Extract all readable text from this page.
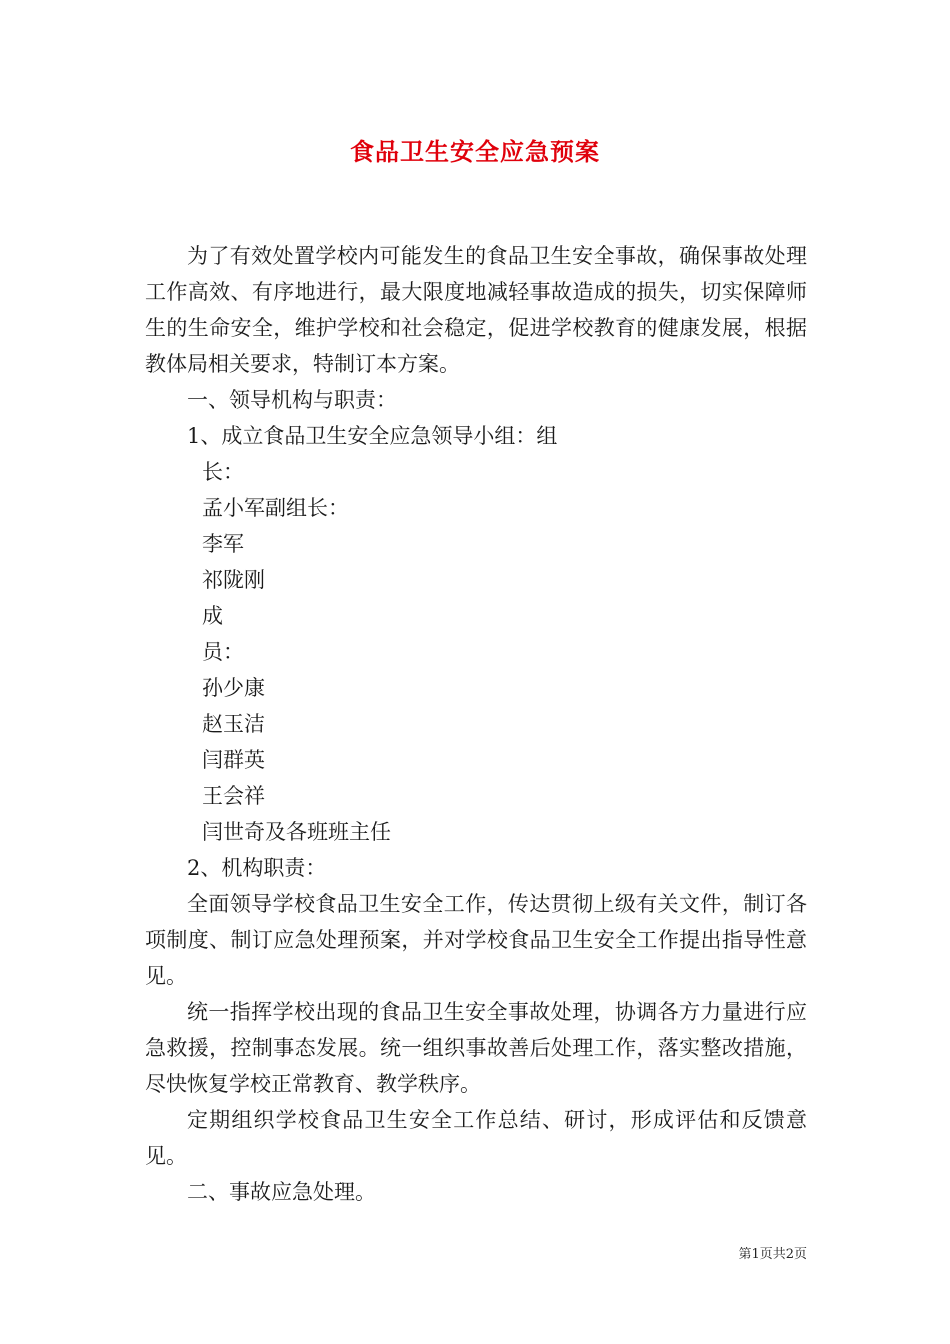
食品卫生安全应急预案

为了有效处置学校内可能发生的食品卫生安全事故，确保事故处理工作高效、有序地进行，最大限度地减轻事故造成的损失，切实保障师生的生命安全，维护学校和社会稳定，促进学校教育的健康发展，根据教体局相关要求，特制订本方案。

一、领导机构与职责：

1、成立食品卫生安全应急领导小组：组

长：

孟小军副组长：

李军

祁陇刚

成

员：

孙少康

赵玉洁

闫群英

王会祥

闫世奇及各班班主任

2、机构职责：

全面领导学校食品卫生安全工作，传达贯彻上级有关文件，制订各项制度、制订应急处理预案，并对学校食品卫生安全工作提出指导性意见。

统一指挥学校出现的食品卫生安全事故处理，协调各方力量进行应急救援，控制事态发展。统一组织事故善后处理工作，落实整改措施，尽快恢复学校正常教育、教学秩序。

定期组织学校食品卫生安全工作总结、研讨，形成评估和反馈意见。

二、事故应急处理。

第1页共2页
